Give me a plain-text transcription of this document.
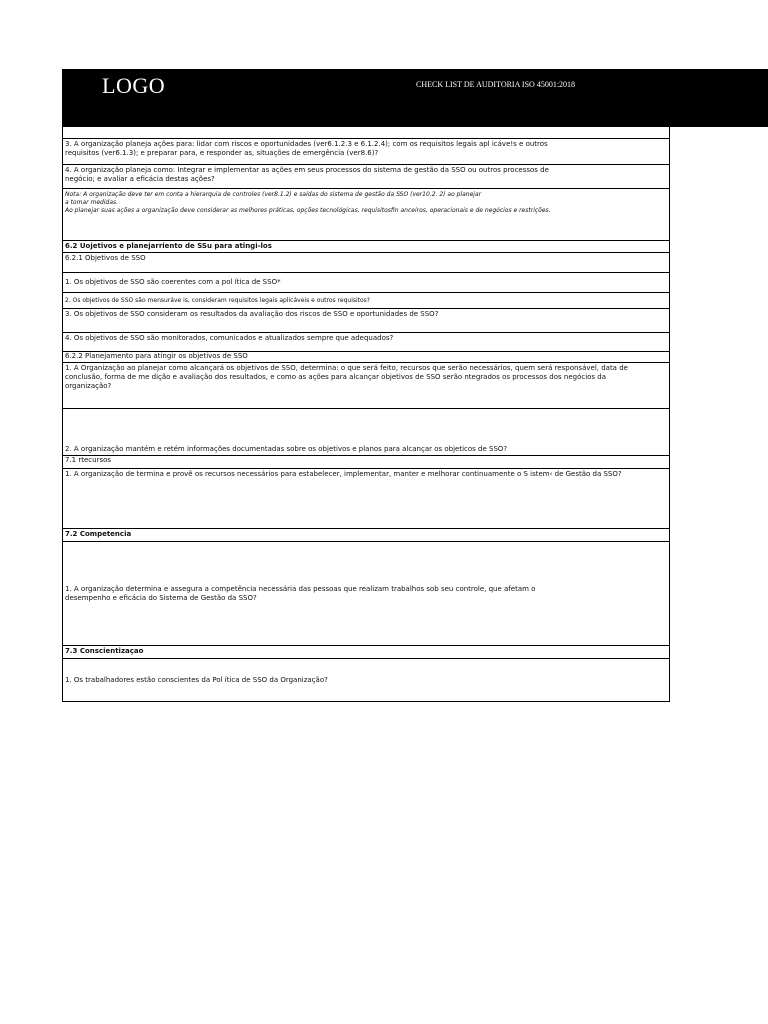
LOGO	CHECK LIST DE AUDITORIA ISO 45001:2018
3. A organização planeja ações para: lidar com riscos e oportunidades (ver6.1.2.3 e 6.1.2.4); com os requisitos legais apl icáve!s e outros
requisitos (ver6.1.3); e preparar para, e responder as, situações de emergência (ver8.6)?
4. A organização planeja como: Integrar e implementar as ações em seus processos do sistema de gestão da SSO ou outros processos de
negócio; e avaliar a eficácia destas ações?
Nota: A organização deve ter em conta a hierarquia de controles (ver8.1.2) e saídas do sistema de gestão da SSO (ver10.2. 2) ao planejar
a tomar medidas.
Ao planejar suas ações a organização deve considerar as melhores práticas, opções tecnológicas, requisitosfin anceiros, operacionais e de negócios e restrições.
6.2 Uojetivos e planejarriento de SSu para atingi-los
6.2.1 Objetivos de SSO
1. Os objetivos de SSO são coerentes com a pol ítica de SSO*
2. Os objetivos de SSO são mensuráve is, consideram requisitos legais aplicáveis e outros requisitos?
3. Os objetivos de SSO consideram os resultados da avaliação dos riscos de SSO e oportunidades de SSO?
4. Os objetivos de SSO são monitorados, comunicados e atualizados sempre que adequados?
6.2.2 Planejamento para atingir os objetivos de SSO
1. A Organização ao planejar como alcançará os objetivos de SSO, determina: o que será feito, recursos que serão necessários, quem será responsável, data de
conclusão, forma de me dição e avaliação dos resultados, e como as ações para alcançar objetivos de SSO serão ntegrados os processos dos negócios da
organização?
2. A organização mantém e retém informações documentadas sobre os objetivos e planos para alcançar os objeticos de SSO?
7.1 rtecursos
1. A organização de termina e provê os recursos necessários para estabelecer, implementar, manter e melhorar continuamente o S istem‹ de Gestão da SSO?
7.2 Competencia
1. A organização determina e assegura a competência necessária das pessoas que realizam trabalhos sob seu controle, que afetam o
desempenho e eficácia do Sistema de Gestão da SSO?
7.3 Conscientizaçao
1. Os trabalhadores estão conscientes da Pol ítica de SSO da Organização?
